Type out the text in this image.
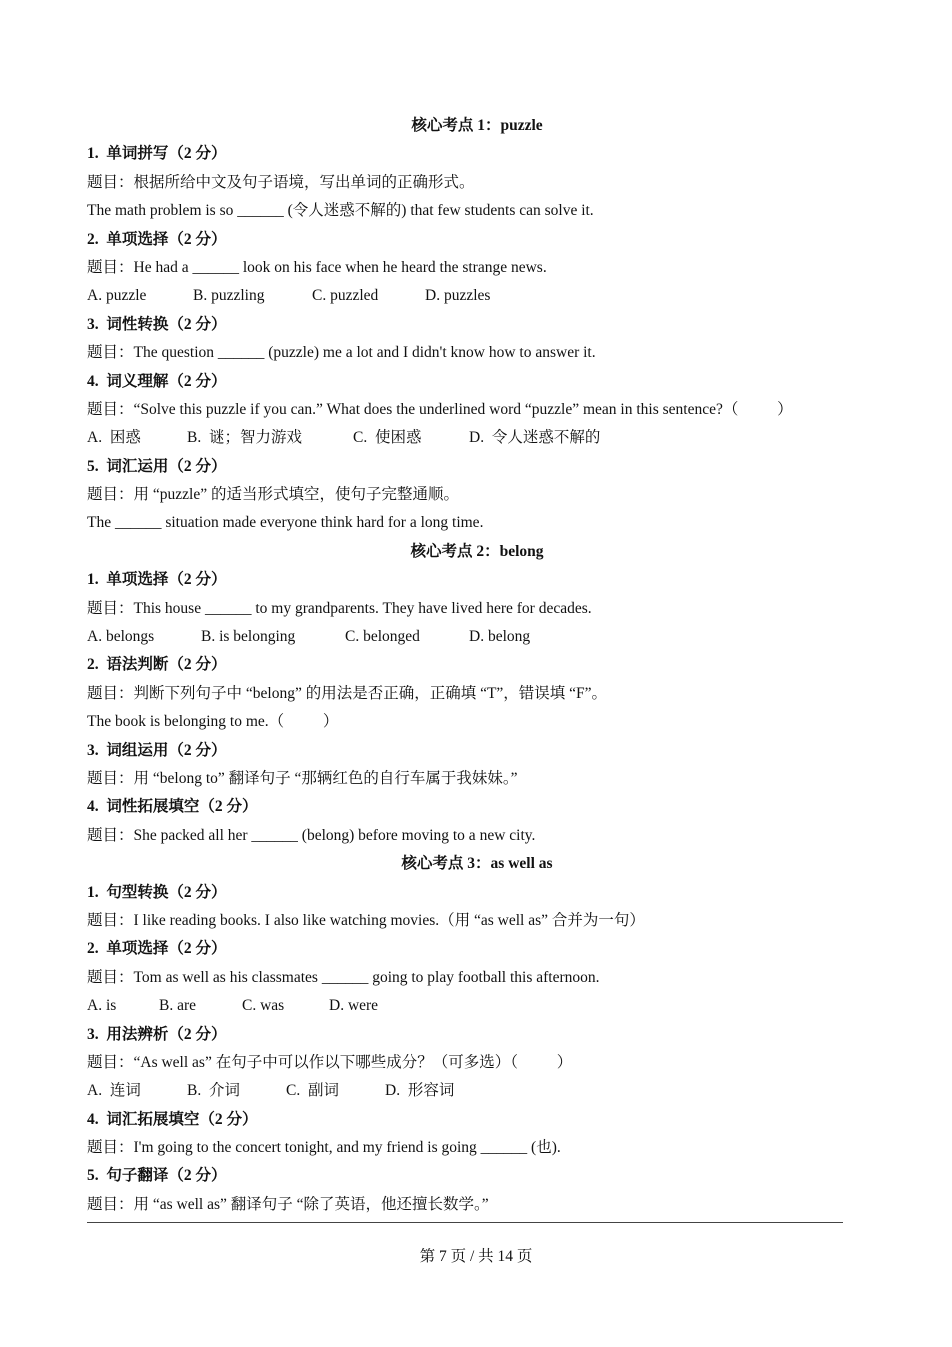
核心考点 1：puzzle
1.  单词拼写（2 分）
题目：根据所给中文及句子语境，写出单词的正确形式。
The math problem is so ______ (令人迷惑不解的) that few students can solve it.
2.  单项选择（2 分）
题目：He had a ______ look on his face when he heard the strange news.
A. puzzle	B. puzzling	C. puzzled	D. puzzles
3.  词性转换（2 分）
题目：The question ______ (puzzle) me a lot and I didn't know how to answer it.
4.  词义理解（2 分）
题目：“Solve this puzzle if you can.” What does the underlined word “puzzle” mean in this sentence?（          ）
A.  困惑	B.  谜；智力游戏	C.  使困惑	D.  令人迷惑不解的
5.  词汇运用（2 分）
题目：用 “puzzle” 的适当形式填空，使句子完整通顺。
The ______ situation made everyone think hard for a long time.
核心考点 2：belong
1.  单项选择（2 分）
题目：This house ______ to my grandparents. They have lived here for decades.
A. belongs	B. is belonging	C. belonged	D. belong
2.  语法判断（2 分）
题目：判断下列句子中 “belong” 的用法是否正确，正确填 “T”，错误填 “F”。
The book is belonging to me.（          ）
3.  词组运用（2 分）
题目：用 “belong to” 翻译句子 “那辆红色的自行车属于我妹妹。”
4.  词性拓展填空（2 分）
题目：She packed all her ______ (belong) before moving to a new city.
核心考点 3：as well as
1.  句型转换（2 分）
题目：I like reading books. I also like watching movies.（用 “as well as” 合并为一句）
2.  单项选择（2 分）
题目：Tom as well as his classmates ______ going to play football this afternoon.
A. is	B. are	C. was	D. were
3.  用法辨析（2 分）
题目：“As well as” 在句子中可以作以下哪些成分？（可多选）（          ）
A.  连词	B.  介词	C.  副词	D.  形容词
4.  词汇拓展填空（2 分）
题目：I'm going to the concert tonight, and my friend is going ______ (也).
5.  句子翻译（2 分）
题目：用 “as well as” 翻译句子 “除了英语，他还擅长数学。”
第 7 页 / 共 14 页
